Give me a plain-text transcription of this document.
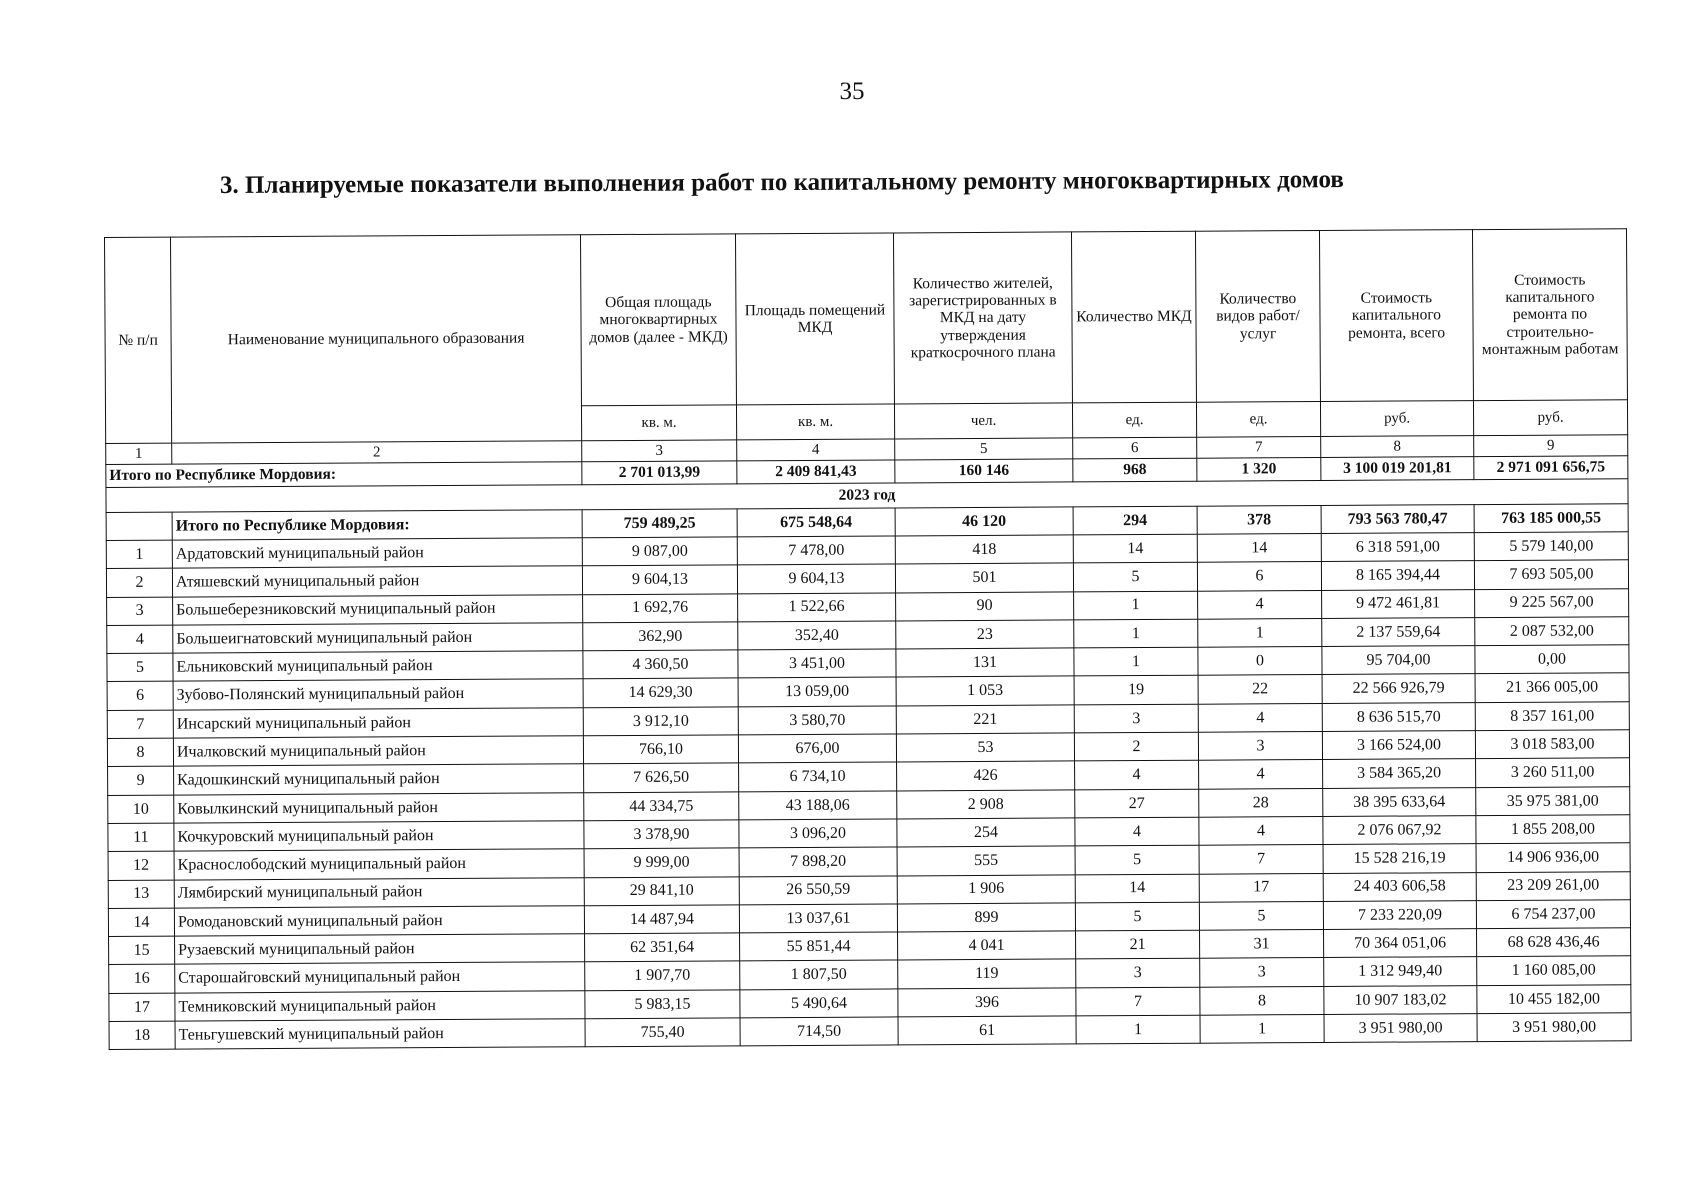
35
3. Планируемые показатели выполнения работ по капитальному ремонту многоквартирных домов
№ п/п	Наименование муниципального образования	Общая площадь многоквартирных домов (далее - МКД)	Площадь помещений МКД	Количество жителей, зарегистрированных в МКД на дату утверждения краткосрочного плана	Количество МКД	Количество видов работ/услуг	Стоимость капитального ремонта, всего	Стоимость капитального ремонта по строительно-монтажным работам
		кв. м.	кв. м.	чел.	ед.	ед.	руб.	руб.
1	2	3	4	5	6	7	8	9
Итого по Республике Мордовия:		2 701 013,99	2 409 841,43	160 146	968	1 320	3 100 019 201,81	2 971 091 656,75
2023 год								
	Итого по Республике Мордовия:	759 489,25	675 548,64	46 120	294	378	793 563 780,47	763 185 000,55
1	Ардатовский муниципальный район	9 087,00	7 478,00	418	14	14	6 318 591,00	5 579 140,00
2	Атяшевский муниципальный район	9 604,13	9 604,13	501	5	6	8 165 394,44	7 693 505,00
3	Большеберезниковский муниципальный район	1 692,76	1 522,66	90	1	4	9 472 461,81	9 225 567,00
4	Большеигнатовский муниципальный район	362,90	352,40	23	1	1	2 137 559,64	2 087 532,00
5	Ельниковский муниципальный район	4 360,50	3 451,00	131	1	0	95 704,00	0,00
6	Зубово-Полянский муниципальный район	14 629,30	13 059,00	1 053	19	22	22 566 926,79	21 366 005,00
7	Инсарский муниципальный район	3 912,10	3 580,70	221	3	4	8 636 515,70	8 357 161,00
8	Ичалковский муниципальный район	766,10	676,00	53	2	3	3 166 524,00	3 018 583,00
9	Кадошкинский муниципальный район	7 626,50	6 734,10	426	4	4	3 584 365,20	3 260 511,00
10	Ковылкинский муниципальный район	44 334,75	43 188,06	2 908	27	28	38 395 633,64	35 975 381,00
11	Кочкуровский муниципальный район	3 378,90	3 096,20	254	4	4	2 076 067,92	1 855 208,00
12	Краснослободский муниципальный район	9 999,00	7 898,20	555	5	7	15 528 216,19	14 906 936,00
13	Лямбирский муниципальный район	29 841,10	26 550,59	1 906	14	17	24 403 606,58	23 209 261,00
14	Ромодановский муниципальный район	14 487,94	13 037,61	899	5	5	7 233 220,09	6 754 237,00
15	Рузаевский муниципальный район	62 351,64	55 851,44	4 041	21	31	70 364 051,06	68 628 436,46
16	Старошайговский муниципальный район	1 907,70	1 807,50	119	3	3	1 312 949,40	1 160 085,00
17	Темниковский муниципальный район	5 983,15	5 490,64	396	7	8	10 907 183,02	10 455 182,00
18	Теньгушевский муниципальный район	755,40	714,50	61	1	1	3 951 980,00	3 951 980,00
